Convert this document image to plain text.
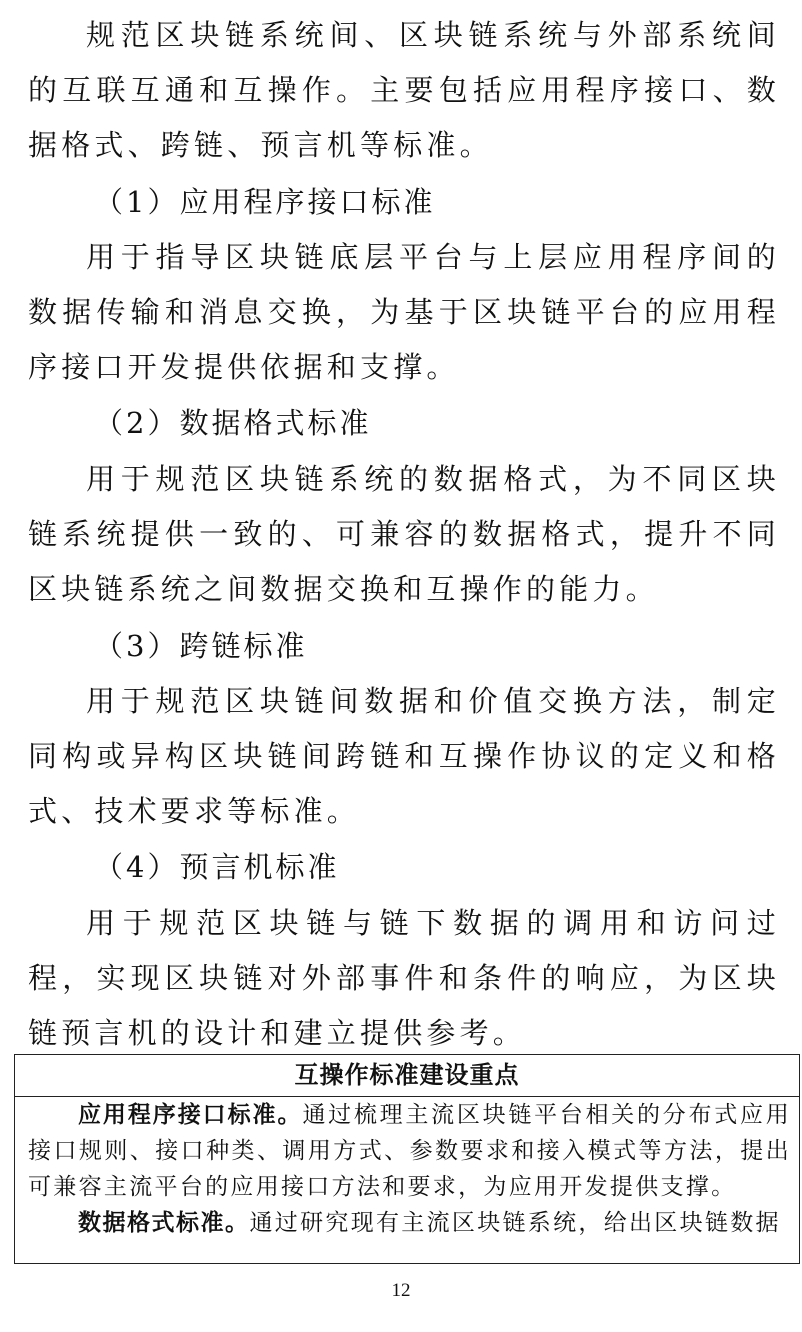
规范区块链系统间、区块链系统与外部系统间的互联互通和互操作。主要包括应用程序接口、数据格式、跨链、预言机等标准。

（1）应用程序接口标准

用于指导区块链底层平台与上层应用程序间的数据传输和消息交换，为基于区块链平台的应用程序接口开发提供依据和支撑。

（2）数据格式标准

用于规范区块链系统的数据格式，为不同区块链系统提供一致的、可兼容的数据格式，提升不同区块链系统之间数据交换和互操作的能力。

（3）跨链标准

用于规范区块链间数据和价值交换方法，制定同构或异构区块链间跨链和互操作协议的定义和格式、技术要求等标准。

（4）预言机标准

用于规范区块链与链下数据的调用和访问过程，实现区块链对外部事件和条件的响应，为区块链预言机的设计和建立提供参考。

互操作标准建设重点

应用程序接口标准。通过梳理主流区块链平台相关的分布式应用接口规则、接口种类、调用方式、参数要求和接入模式等方法，提出可兼容主流平台的应用接口方法和要求，为应用开发提供支撑。

数据格式标准。通过研究现有主流区块链系统，给出区块链数据

12
